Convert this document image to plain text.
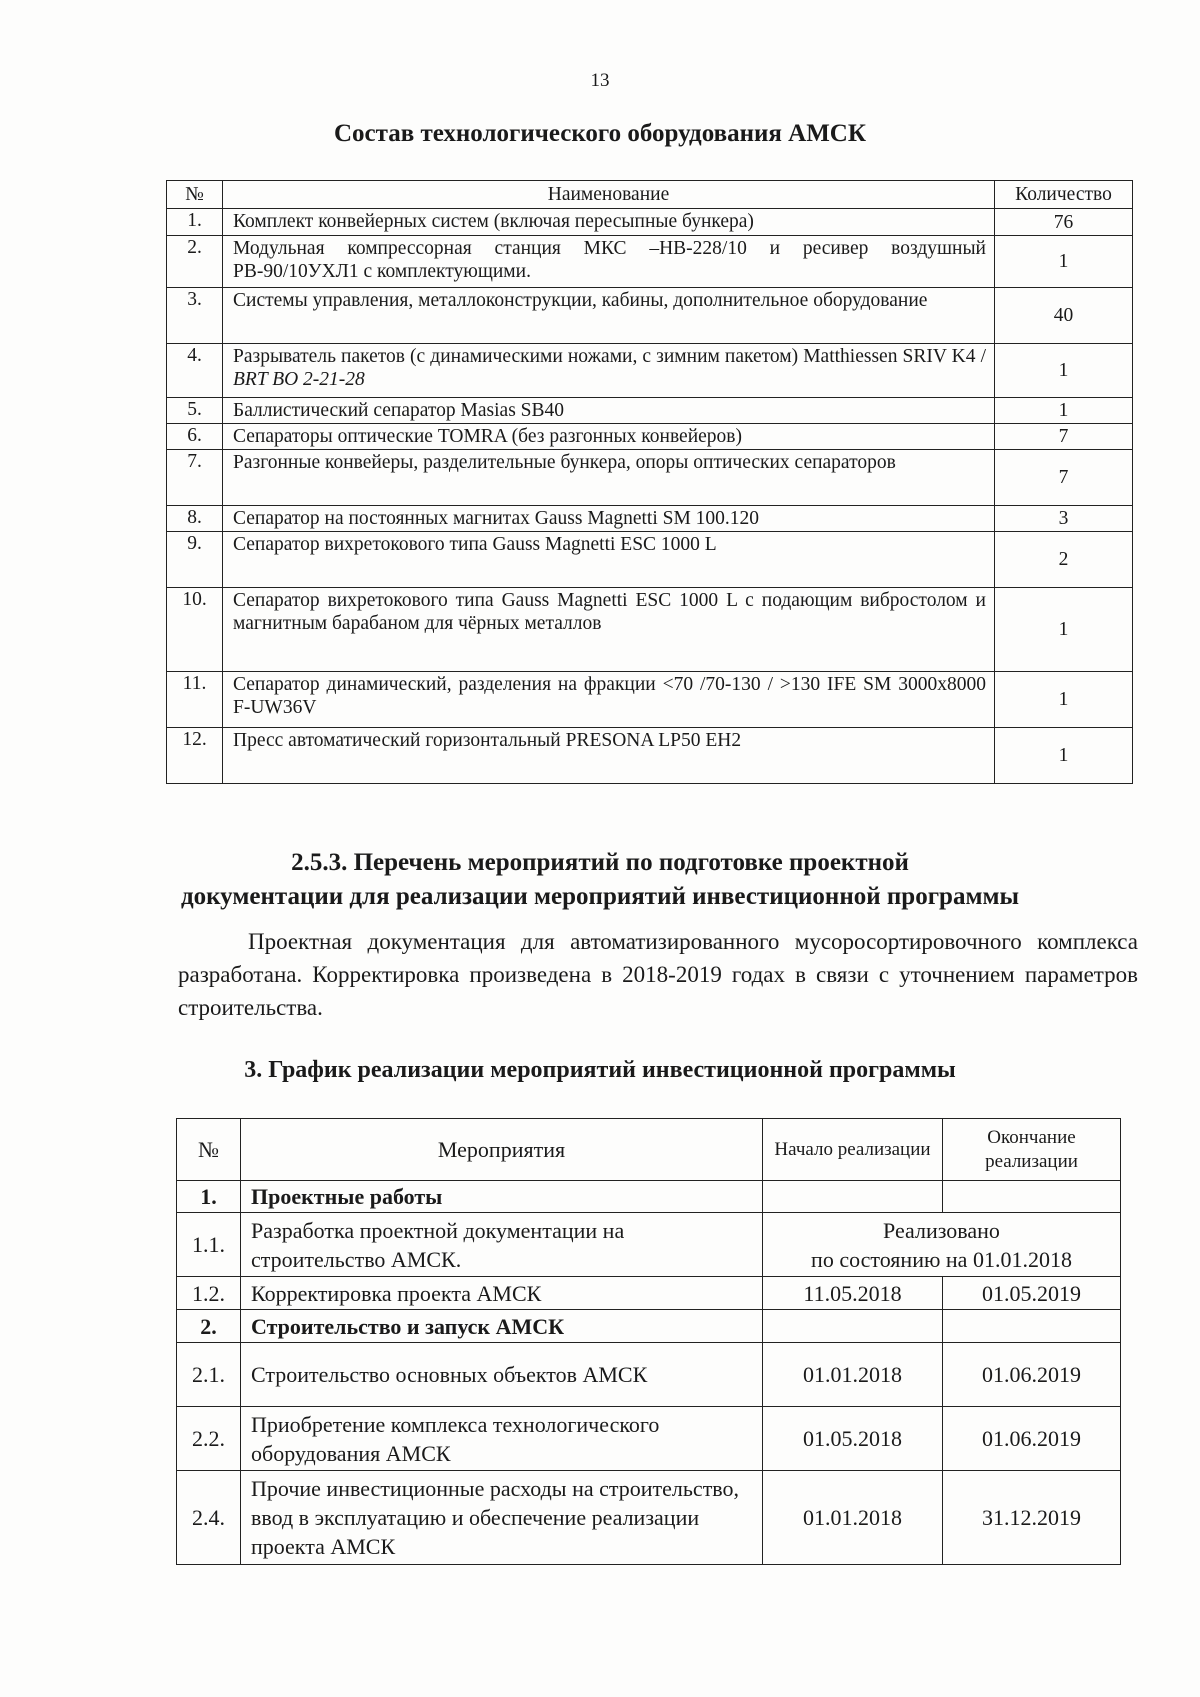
13
Состав технологического оборудования АМСК
№	Наименование	Количество
1.	Комплект конвейерных систем (включая пересыпные бункера)	76
2.	Модульная компрессорная станция МКС –НВ-228/10 и ресивер воздушный РВ-90/10УХЛ1 с комплектующими.	1
3.	Системы управления, металлоконструкции, кабины, дополнительное оборудование	40
4.	Разрыватель пакетов (с динамическими ножами, с зимним пакетом) Matthiessen SRIV K4 / BRT BO 2-21-28	1
5.	Баллистический сепаратор Masias SB40	1
6.	Сепараторы оптические TOMRA (без разгонных конвейеров)	7
7.	Разгонные конвейеры, разделительные бункера, опоры оптических сепараторов	7
8.	Сепаратор на постоянных магнитах Gauss Magnetti SM 100.120	3
9.	Сепаратор вихретокового типа Gauss Magnetti ESC 1000 L	2
10.	Сепаратор вихретокового типа Gauss Magnetti ESC 1000 L с подающим вибростолом и магнитным барабаном для чёрных металлов	1
11.	Сепаратор динамический, разделения на фракции <70 /70-130 / >130 IFE SM 3000x8000 F-UW36V	1
12.	Пресс автоматический горизонтальный PRESONA LP50 EH2	1
2.5.3. Перечень мероприятий по подготовке проектной
документации для реализации мероприятий инвестиционной программы
Проектная документация для автоматизированного мусоросортировочного комплекса разработана. Корректировка произведена в 2018-2019 годах в связи с уточнением параметров строительства.
3. График реализации мероприятий инвестиционной программы
№	Мероприятия	Начало реализации	Окончание реализации
1.	Проектные работы		
1.1.	Разработка проектной документации на строительство АМСК.	Реализовано
по состоянию на 01.01.2018	

1.2.	Корректировка проекта АМСК	11.05.2018	01.05.2019
2.	Строительство и запуск АМСК		
2.1.	Строительство основных объектов АМСК	01.01.2018	01.06.2019
2.2.	Приобретение комплекса технологического оборудования АМСК	01.05.2018	01.06.2019
2.4.	Прочие инвестиционные расходы на строительство, ввод в эксплуатацию и обеспечение реализации проекта АМСК	01.01.2018	31.12.2019
